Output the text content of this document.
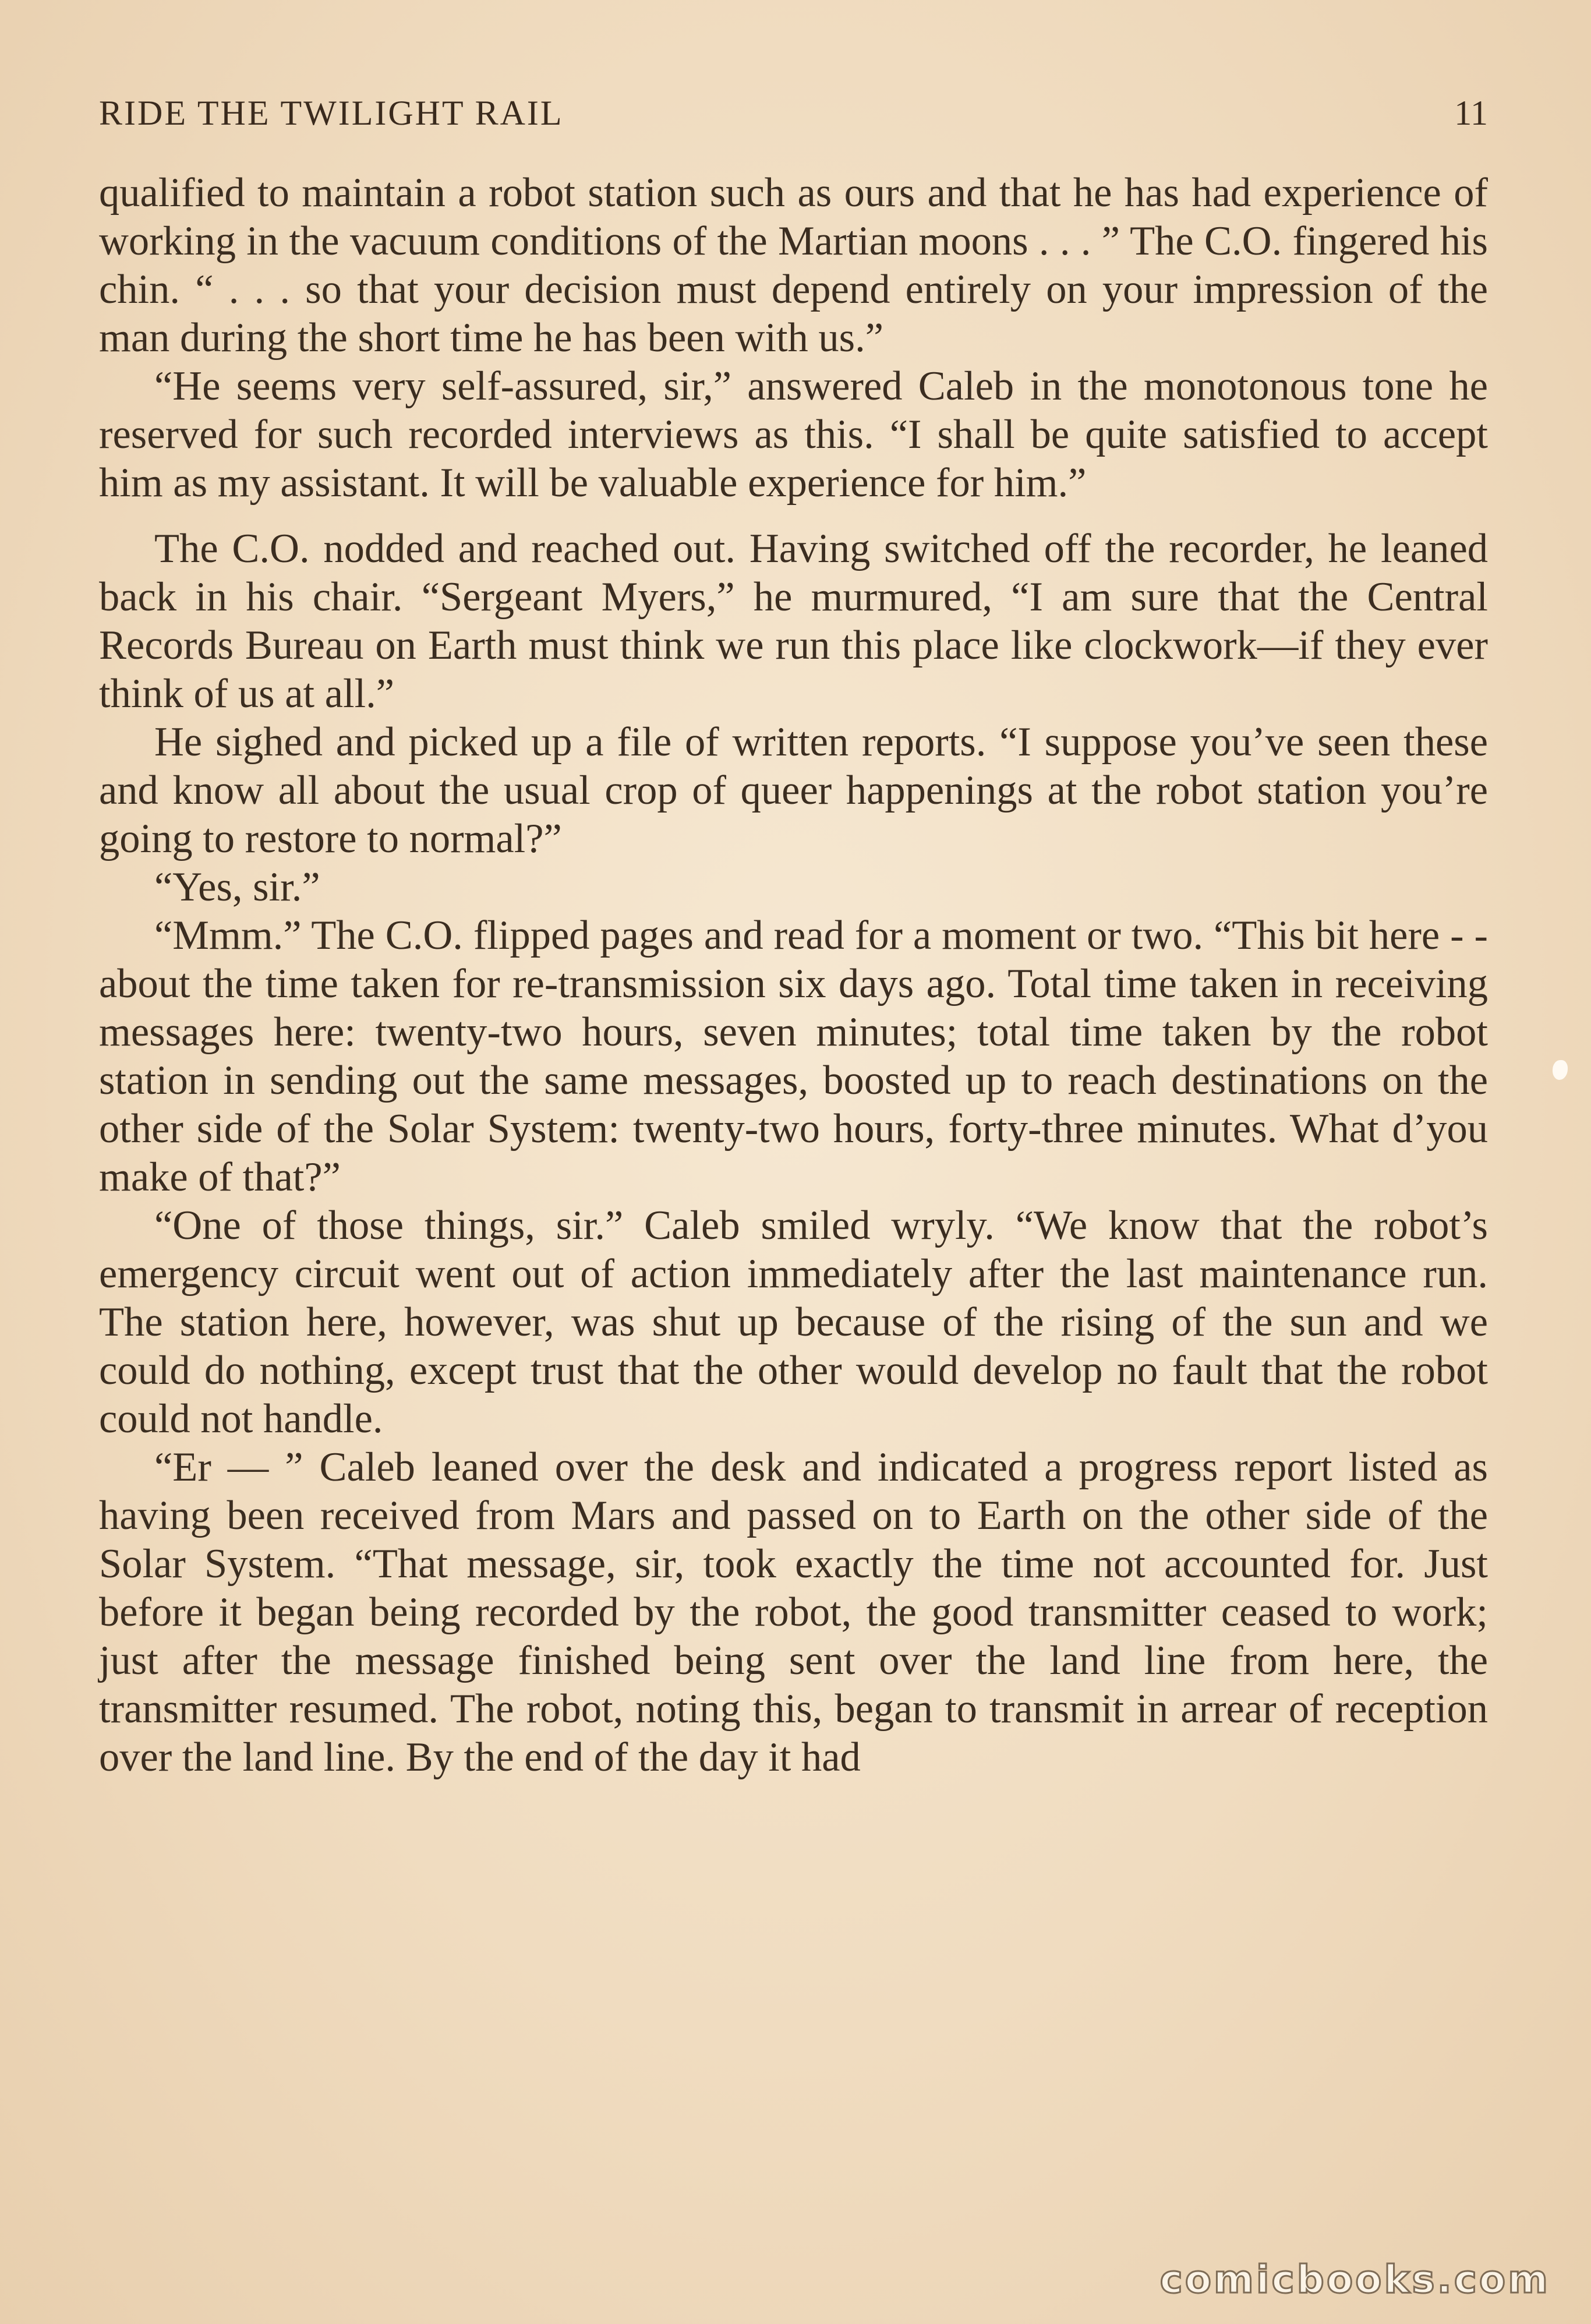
RIDE THE TWILIGHT RAIL	11

qualified to maintain a robot station such as ours and that he has had experience of working in the vacuum conditions of the Martian moons . . . ” The C.O. fingered his chin. “ . . . so that your decision must depend entirely on your impression of the man during the short time he has been with us.”

“He seems very self-assured, sir,” answered Caleb in the monotonous tone he reserved for such recorded interviews as this. “I shall be quite satisfied to accept him as my assistant. It will be valuable experience for him.”

The C.O. nodded and reached out. Having switched off the recorder, he leaned back in his chair. “Sergeant Myers,” he murmured, “I am sure that the Central Records Bureau on Earth must think we run this place like clockwork—if they ever think of us at all.”

He sighed and picked up a file of written reports. “I suppose you’ve seen these and know all about the usual crop of queer happenings at the robot station you’re going to restore to normal?”

“Yes, sir.”

“Mmm.” The C.O. flipped pages and read for a moment or two. “This bit here - - about the time taken for re-transmission six days ago. Total time taken in receiving messages here: twenty-two hours, seven minutes; total time taken by the robot station in sending out the same messages, boosted up to reach destinations on the other side of the Solar System: twenty-two hours, forty-three minutes. What d’you make of that?”

“One of those things, sir.” Caleb smiled wryly. “We know that the robot’s emergency circuit went out of action immediately after the last maintenance run. The station here, however, was shut up because of the rising of the sun and we could do nothing, except trust that the other would develop no fault that the robot could not handle.

“Er — ” Caleb leaned over the desk and indicated a progress report listed as having been received from Mars and passed on to Earth on the other side of the Solar System. “That message, sir, took exactly the time not accounted for. Just before it began being recorded by the robot, the good transmitter ceased to work; just after the message finished being sent over the land line from here, the transmitter resumed. The robot, noting this, began to transmit in arrear of reception over the land line. By the end of the day it had

comicbooks.com
